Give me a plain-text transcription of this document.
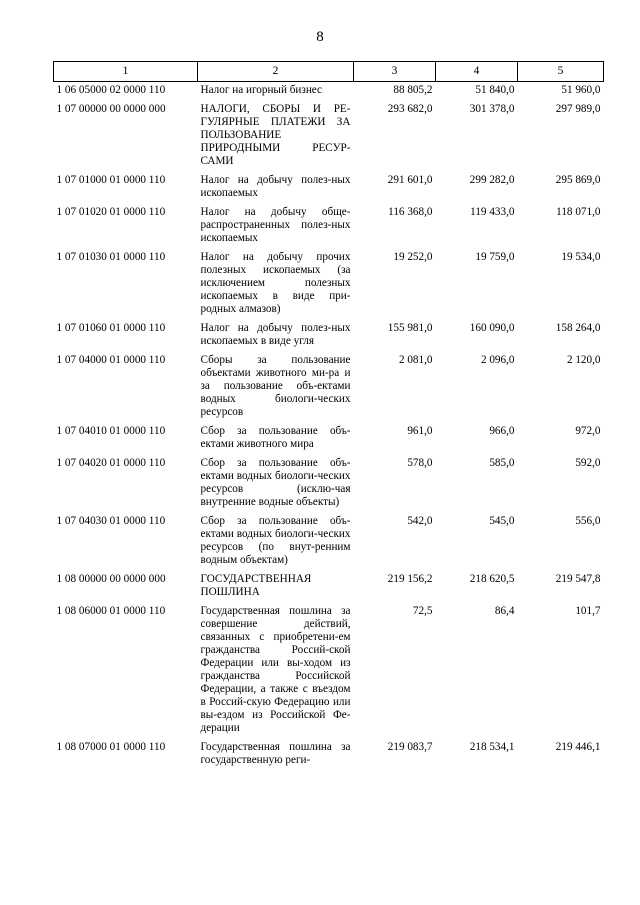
8
1	2	3	4	5
1 06 05000 02 0000 110	Налог на игорный бизнес	88 805,2	51 840,0	51 960,0
1 07 00000 00 0000 000	НАЛОГИ, СБОРЫ И РЕ-ГУЛЯРНЫЕ ПЛАТЕЖИ ЗА ПОЛЬЗОВАНИЕ ПРИРОДНЫМИ РЕСУР-САМИ	293 682,0	301 378,0	297 989,0
1 07 01000 01 0000 110	Налог на добычу полез-ных ископаемых	291 601,0	299 282,0	295 869,0
1 07 01020 01 0000 110	Налог на добычу обще-распространенных полез-ных ископаемых	116 368,0	119 433,0	118 071,0
1 07 01030 01 0000 110	Налог на добычу прочих полезных ископаемых (за исключением полезных ископаемых в виде при-родных алмазов)	19 252,0	19 759,0	19 534,0
1 07 01060 01 0000 110	Налог на добычу полез-ных ископаемых в виде угля	155 981,0	160 090,0	158 264,0
1 07 04000 01 0000 110	Сборы за пользование объектами животного ми-ра и за пользование объ-ектами водных биологи-ческих ресурсов	2 081,0	2 096,0	2 120,0
1 07 04010 01 0000 110	Сбор за пользование объ-ектами животного мира	961,0	966,0	972,0
1 07 04020 01 0000 110	Сбор за пользование объ-ектами водных биологи-ческих ресурсов (исклю-чая внутренние водные объекты)	578,0	585,0	592,0
1 07 04030 01 0000 110	Сбор за пользование объ-ектами водных биологи-ческих ресурсов (по внут-ренним водным объектам)	542,0	545,0	556,0
1 08 00000 00 0000 000	ГОСУДАРСТВЕННАЯ ПОШЛИНА	219 156,2	218 620,5	219 547,8
1 08 06000 01 0000 110	Государственная пошлина за совершение действий, связанных с приобретени-ем гражданства Россий-ской Федерации или вы-ходом из гражданства Российской Федерации, а также с въездом в Россий-скую Федерацию или вы-ездом из Российской Фе-дерации	72,5	86,4	101,7
1 08 07000 01 0000 110	Государственная пошлина за государственную реги-	219 083,7	218 534,1	219 446,1
